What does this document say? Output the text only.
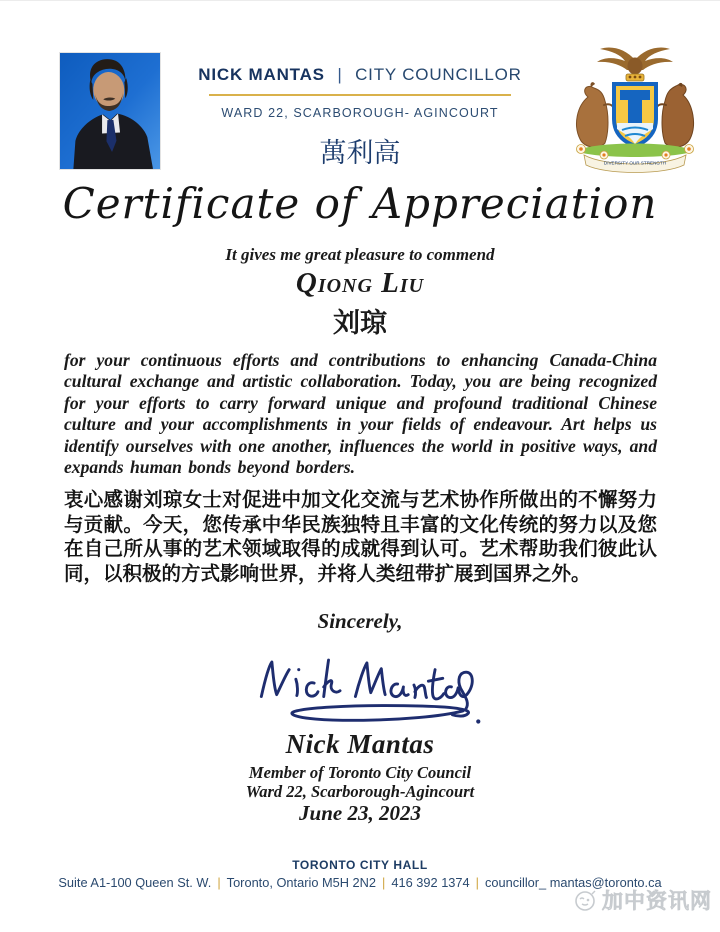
NICK MANTAS | CITY COUNCILLOR
WARD 22, SCARBOROUGH- AGINCOURT
萬利高	DIVERSITY OUR STRENGTH
Certificate of Appreciation
It gives me great pleasure to commend
Qiong Liu
刘琼
for your continuous efforts and contributions to enhancing Canada-China cultural exchange and artistic collaboration. Today, you are being recognized for your efforts to carry forward unique and profound traditional Chinese culture and your accomplishments in your fields of endeavour. Art helps us identify ourselves with one another, influences the world in positive ways, and expands human bonds beyond borders.
衷心感谢刘琼女士对促进中加文化交流与艺术协作所做出的不懈努力与贡献。今天，您传承中华民族独特且丰富的文化传统的努力以及您在自己所从事的艺术领域取得的成就得到认可。艺术帮助我们彼此认同，以积极的方式影响世界，并将人类纽带扩展到国界之外。
Sincerely,
Nick Mantas
Member of Toronto City Council
Ward 22, Scarborough-Agincourt
June 23, 2023
TORONTO CITY HALL
Suite A1-100 Queen St. W. | Toronto, Ontario M5H 2N2 | 416 392 1374 | councillor_ mantas@toronto.ca
加中资讯网
